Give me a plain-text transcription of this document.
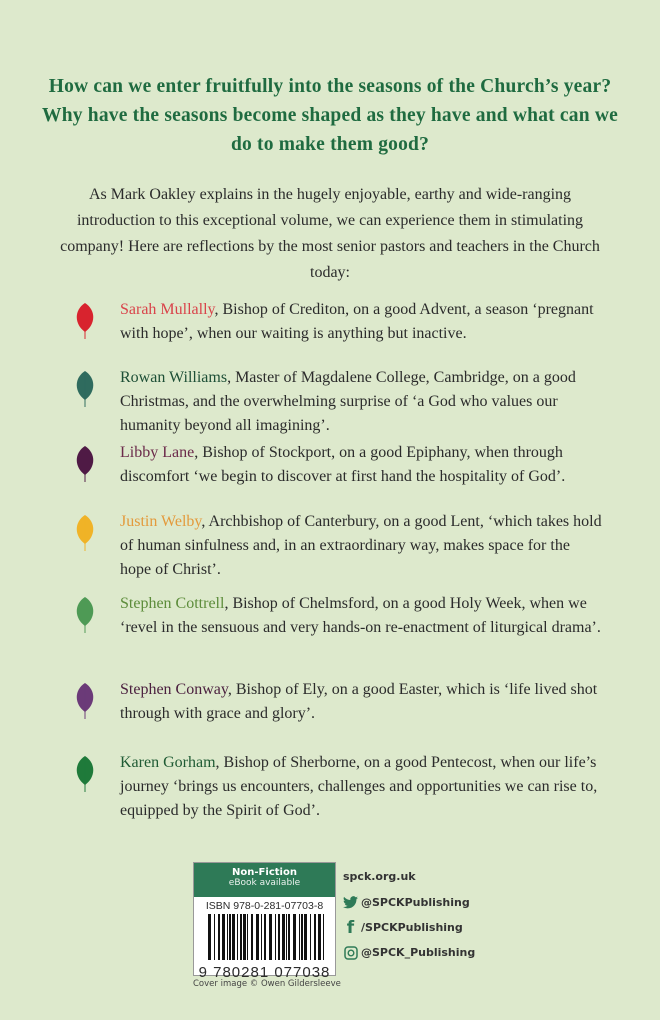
How can we enter fruitfully into the seasons of the Church’s year? Why have the seasons become shaped as they have and what can we do to make them good?
As Mark Oakley explains in the hugely enjoyable, earthy and wide-ranging introduction to this exceptional volume, we can experience them in stimulating company! Here are reflections by the most senior pastors and teachers in the Church today:
Sarah Mullally, Bishop of Crediton, on a good Advent, a season ‘pregnant with hope’, when our waiting is anything but inactive.
Rowan Williams, Master of Magdalene College, Cambridge, on a good Christmas, and the overwhelming surprise of ‘a God who values our humanity beyond all imagining’.
Libby Lane, Bishop of Stockport, on a good Epiphany, when through discomfort ‘we begin to discover at first hand the hospitality of God’.
Justin Welby, Archbishop of Canterbury, on a good Lent, ‘which takes hold of human sinfulness and, in an extraordinary way, makes space for the hope of Christ’.
Stephen Cottrell, Bishop of Chelmsford, on a good Holy Week, when we ‘revel in the sensuous and very hands-on re-enactment of liturgical drama’.
Stephen Conway, Bishop of Ely, on a good Easter, which is ‘life lived shot through with grace and glory’.
Karen Gorham, Bishop of Sherborne, on a good Pentecost, when our life’s journey ‘brings us encounters, challenges and opportunities we can rise to, equipped by the Spirit of God’.
Non-Fiction
eBook available
ISBN 978-0-281-07703-8
9 780281 077038
Cover image © Owen Gildersleeve
spck.org.uk
@SPCKPublishing
f /SPCKPublishing
@SPCK_Publishing
